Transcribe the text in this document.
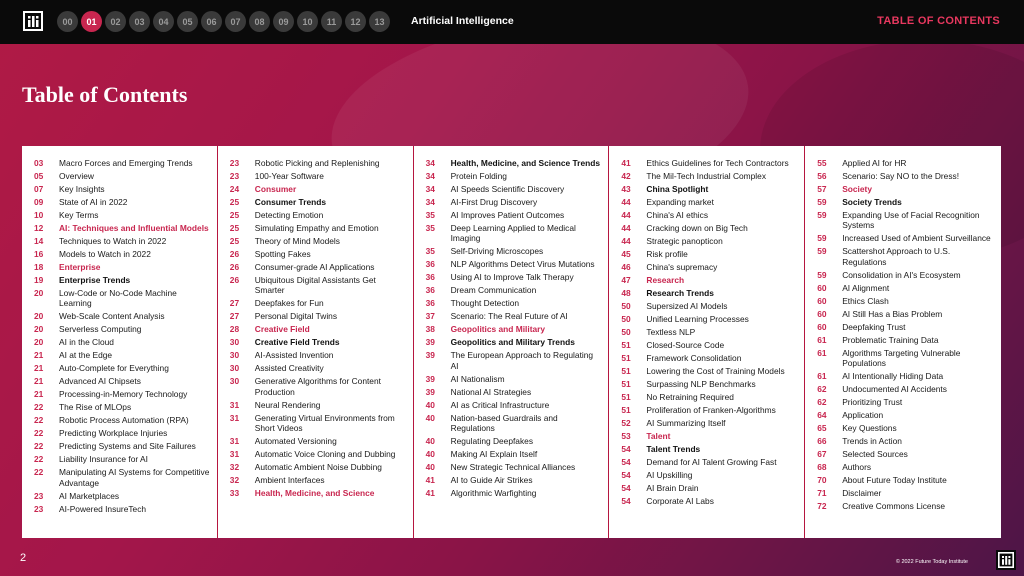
00	01	02	03	04	05	06	07	08	09	10	11	12	13	Artificial Intelligence	TABLE OF CONTENTS
Table of Contents
03	Macro Forces and Emerging Trends
05	Overview
07	Key Insights
09	State of AI in 2022
10	Key Terms
12	AI: Techniques and Influential Models
14	Techniques to Watch in 2022
16	Models to Watch in 2022
18	Enterprise
19	Enterprise Trends
20	Low-Code or No-Code Machine Learning
20	Web-Scale Content Analysis
20	Serverless Computing
20	AI in the Cloud
21	AI at the Edge
21	Auto-Complete for Everything
21	Advanced AI Chipsets
21	Processing-in-Memory Technology
22	The Rise of MLOps
22	Robotic Process Automation (RPA)
22	Predicting Workplace Injuries
22	Predicting Systems and Site Failures
22	Liability Insurance for AI
22	Manipulating AI Systems for Competitive Advantage
23	AI Marketplaces
23	AI-Powered InsureTech
23	Robotic Picking and Replenishing
23	100-Year Software
24	Consumer
25	Consumer Trends
25	Detecting Emotion
25	Simulating Empathy and Emotion
25	Theory of Mind Models
26	Spotting Fakes
26	Consumer-grade AI Applications
26	Ubiquitous Digital Assistants Get Smarter
27	Deepfakes for Fun
27	Personal Digital Twins
28	Creative Field
30	Creative Field Trends
30	AI-Assisted Invention
30	Assisted Creativity
30	Generative Algorithms for Content Production
31	Neural Rendering
31	Generating Virtual Environments from Short Videos
31	Automated Versioning
31	Automatic Voice Cloning and Dubbing
32	Automatic Ambient Noise Dubbing
32	Ambient Interfaces
33	Health, Medicine, and Science
34	Health, Medicine, and Science Trends
34	Protein Folding
34	AI Speeds Scientific Discovery
34	AI-First Drug Discovery
35	AI Improves Patient Outcomes
35	Deep Learning Applied to Medical Imaging
35	Self-Driving Microscopes
36	NLP Algorithms Detect Virus Mutations
36	Using AI to Improve Talk Therapy
36	Dream Communication
36	Thought Detection
37	Scenario: The Real Future of AI
38	Geopolitics and Military
39	Geopolitics and Military Trends
39	The European Approach to Regulating AI
39	AI Nationalism
39	National AI Strategies
40	AI as Critical Infrastructure
40	Nation-based Guardrails and Regulations
40	Regulating Deepfakes
40	Making AI Explain Itself
40	New Strategic Technical Alliances
41	AI to Guide Air Strikes
41	Algorithmic Warfighting
41	Ethics Guidelines for Tech Contractors
42	The Mil-Tech Industrial Complex
43	China Spotlight
44	Expanding market
44	China's AI ethics
44	Cracking down on Big Tech
44	Strategic panopticon
45	Risk profile
46	China's supremacy
47	Research
48	Research Trends
50	Supersized AI Models
50	Unified Learning Processes
50	Textless NLP
51	Closed-Source Code
51	Framework Consolidation
51	Lowering the Cost of Training Models
51	Surpassing NLP Benchmarks
51	No Retraining Required
51	Proliferation of Franken-Algorithms
52	AI Summarizing Itself
53	Talent
54	Talent Trends
54	Demand for AI Talent Growing Fast
54	AI Upskilling
54	AI Brain Drain
54	Corporate AI Labs
55	Applied AI for HR
56	Scenario: Say NO to the Dress!
57	Society
59	Society Trends
59	Expanding Use of Facial Recognition Systems
59	Increased Used of Ambient Surveillance
59	Scattershot Approach to U.S. Regulations
59	Consolidation in AI's Ecosystem
60	AI Alignment
60	Ethics Clash
60	AI Still Has a Bias Problem
60	Deepfaking Trust
61	Problematic Training Data
61	Algorithms Targeting Vulnerable Populations
61	AI Intentionally Hiding Data
62	Undocumented AI Accidents
62	Prioritizing Trust
64	Application
65	Key Questions
66	Trends in Action
67	Selected Sources
68	Authors
70	About Future Today Institute
71	Disclaimer
72	Creative Commons License
2	© 2022 Future Today Institute
